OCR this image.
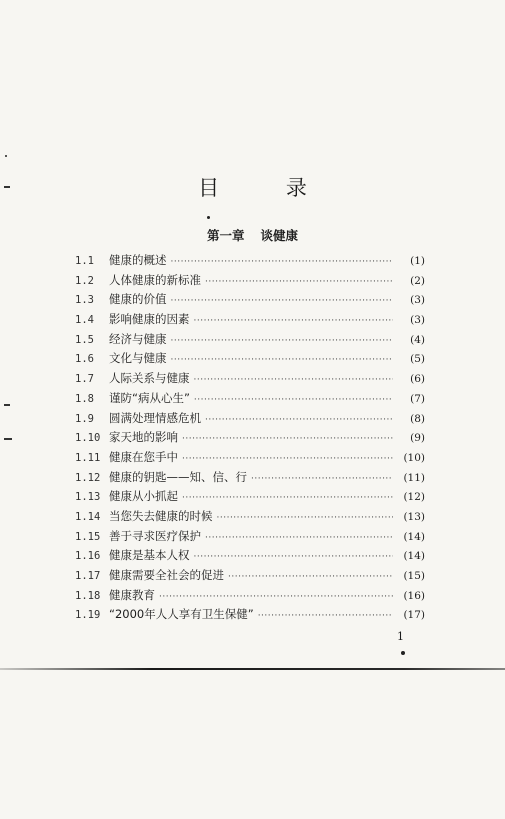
目 录
第一章 谈健康
1.1	健康的概述 ·····	(1)
1.2	人体健康的新标准 ·····	(2)
1.3	健康的价值 ·····	(3)
1.4	影响健康的因素 ·····	(3)
1.5	经济与健康 ·····	(4)
1.6	文化与健康 ·····	(5)
1.7	人际关系与健康 ·····	(6)
1.8	谨防“病从心生” ·····	(7)
1.9	圆满处理情感危机 ·····	(8)
1.10 家天地的影响 ·····	(9)
1.11 健康在您手中 ·····	(10)
1.12 健康的钥匙——知、信、行 ·····	(11)
1.13 健康从小抓起 ·····	(12)
1.14 当您失去健康的时候 ·····	(13)
1.15 善于寻求医疗保护 ·····	(14)
1.16 健康是基本人权 ·····	(14)
1.17 健康需要全社会的促进 ·····	(15)
1.18 健康教育 ·····	(16)
1.19 “2000年人人享有卫生保健” ·····	(17)
1
